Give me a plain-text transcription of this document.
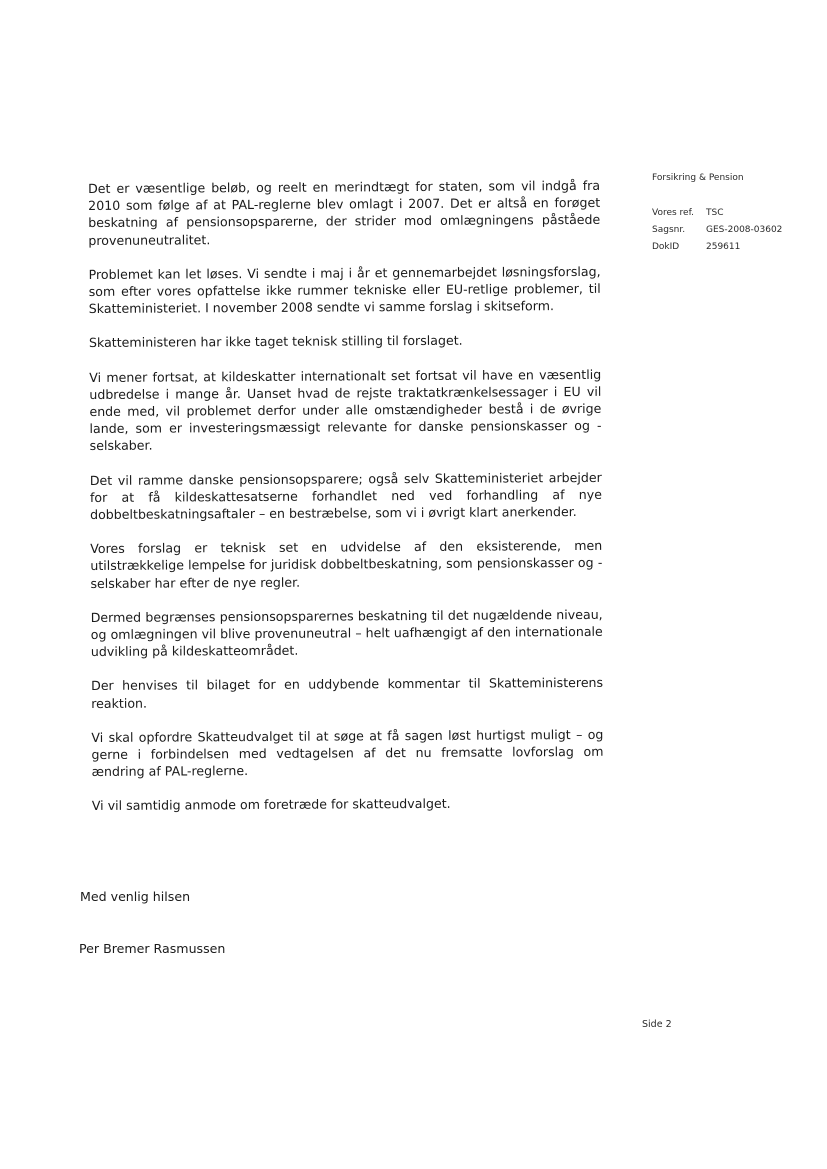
Det er væsentlige beløb, og reelt en merindtægt for staten, som vil indgå fra 2010 som følge af at PAL-reglerne blev omlagt i 2007. Det er altså en forøget beskatning af pensionsopsparerne, der strider mod omlægningens påståede provenuneutralitet.

Problemet kan let løses. Vi sendte i maj i år et gennemarbejdet løsningsforslag, som efter vores opfattelse ikke rummer tekniske eller EU-retlige problemer, til Skatteministeriet. I november 2008 sendte vi samme forslag i skitseform.

Skatteministeren har ikke taget teknisk stilling til forslaget.

Vi mener fortsat, at kildeskatter internationalt set fortsat vil have en væsentlig udbredelse i mange år. Uanset hvad de rejste traktatkrænkelsessager i EU vil ende med, vil problemet derfor under alle omstændigheder bestå i de øvrige lande, som er investeringsmæssigt relevante for danske pensionskasser og -selskaber.

Det vil ramme danske pensionsopsparere; også selv Skatteministeriet arbejder for at få kildeskattesatserne forhandlet ned ved forhandling af nye dobbeltbeskatningsaftaler – en bestræbelse, som vi i øvrigt klart anerkender.

Vores forslag er teknisk set en udvidelse af den eksisterende, men utilstrækkelige lempelse for juridisk dobbeltbeskatning, som pensionskasser og -selskaber har efter de nye regler.

Dermed begrænses pensionsopsparernes beskatning til det nugældende niveau, og omlægningen vil blive provenuneutral – helt uafhængigt af den internationale udvikling på kildeskatteområdet.

Der henvises til bilaget for en uddybende kommentar til Skatteministerens reaktion.

Vi skal opfordre Skatteudvalget til at søge at få sagen løst hurtigst muligt – og gerne i forbindelsen med vedtagelsen af det nu fremsatte lovforslag om ændring af PAL-reglerne.

Vi vil samtidig anmode om foretræde for skatteudvalget.

Forsikring & Pension
Vores ref.	TSC
Sagsnr.	GES-2008-03602
DokID	259611
Med venlig hilsen
Per Bremer Rasmussen
Side 2
